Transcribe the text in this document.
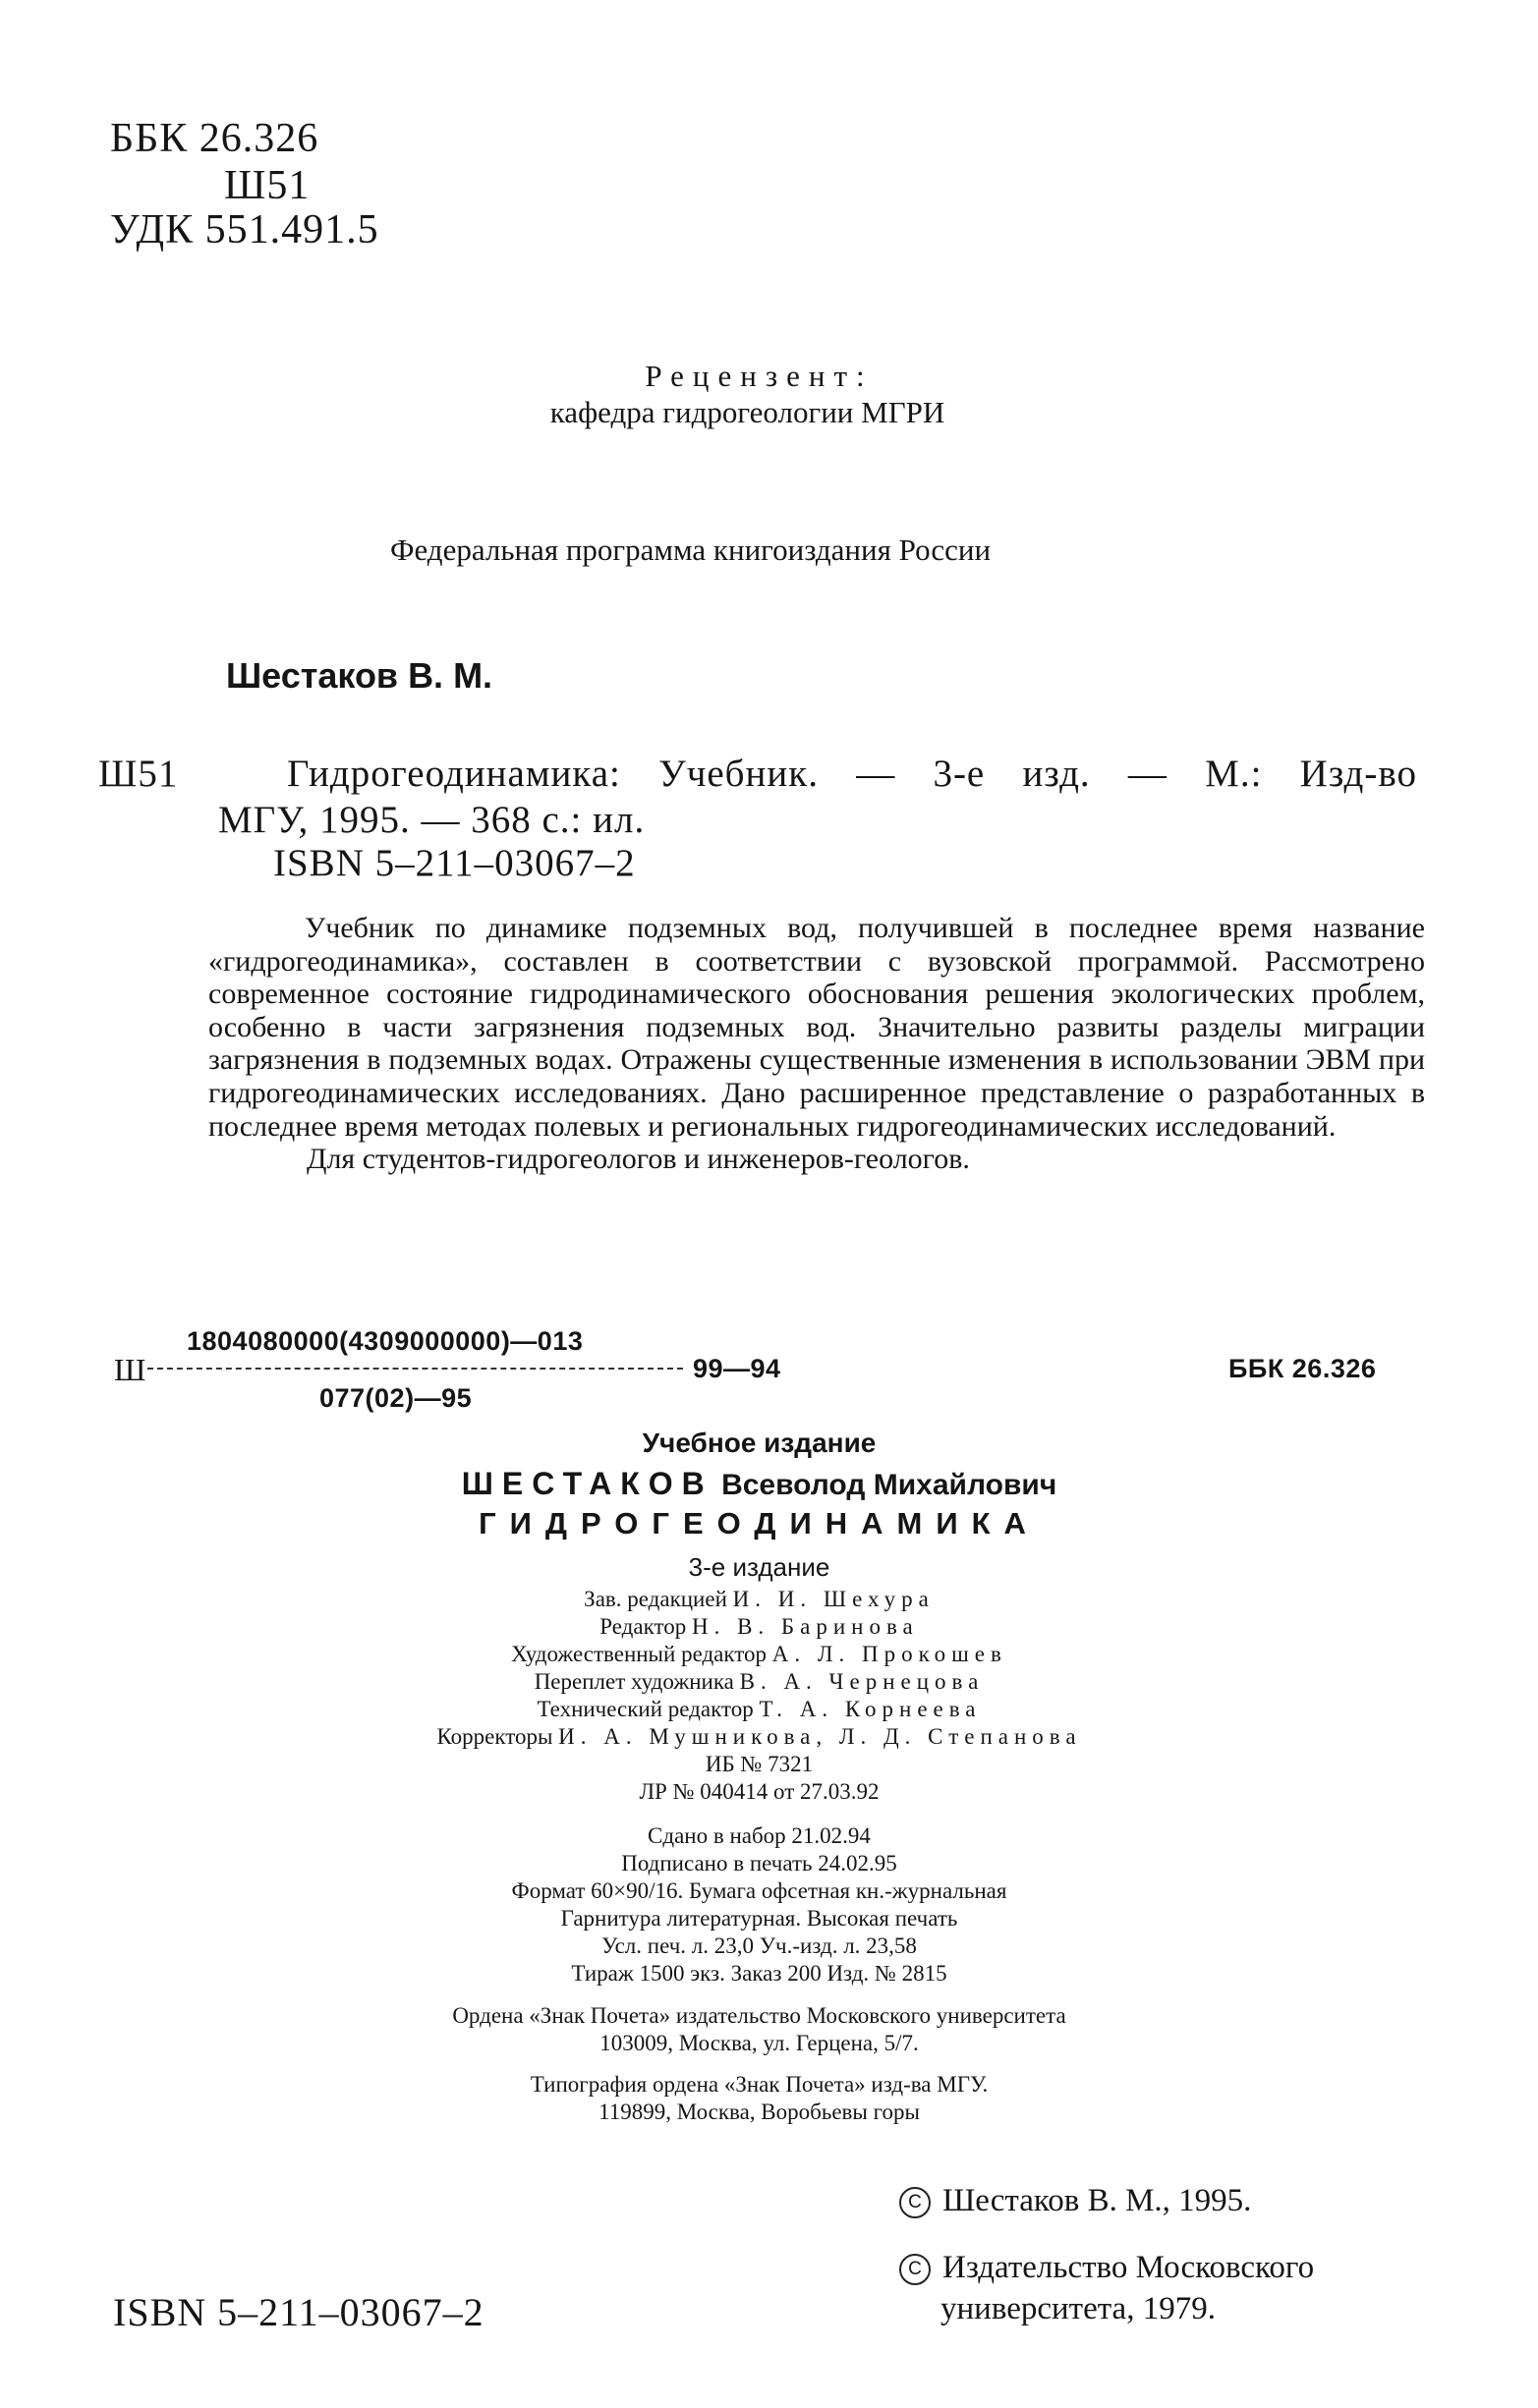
ББК 26.326
Ш51
УДК 551.491.5
Рецензент:
кафедра гидрогеологии МГРИ
Федеральная программа книгоиздания России
Шестаков В. М.
Ш51	Гидрогеодинамика: Учебник. — 3-е изд. — М.: Изд-во
МГУ, 1995. — 368 с.: ил.
ISBN 5–211–03067–2

Учебник по динамике подземных вод, получившей в последнее время название «гидрогеодинамика», составлен в соответствии с вузовской программой. Рассмотрено современное состояние гидродинамического обоснования решения экологических проблем, особенно в части загрязнения подземных вод. Значительно развиты разделы миграции загрязнения в подземных водах. Отражены существенные изменения в использовании ЭВМ при гидрогеодинамических исследованиях. Дано расширенное представление о разработанных в последнее время методах полевых и региональных гидрогеодинамических исследований.

Для студентов-гидрогеологов и инженеров-геологов.

1804080000(4309000000)—013
Ш	99—94	ББК 26.326
077(02)—95
Учебное издание
ШЕСТАКОВ Всеволод Михайлович
ГИДРОГЕОДИНАМИКА
3-е издание
Зав. редакцией И. И. Шехура
Редактор Н. В. Баринова
Художественный редактор А. Л. Прокошев
Переплет художника В. А. Чернецова
Технический редактор Т. А. Корнеева
Корректоры И. А. Мушникова, Л. Д. Степанова
ИБ № 7321
ЛР № 040414 от 27.03.92
Сдано в набор 21.02.94
Подписано в печать 24.02.95
Формат 60×90/16. Бумага офсетная кн.-журнальная
Гарнитура литературная. Высокая печать
Усл. печ. л. 23,0 Уч.-изд. л. 23,58
Тираж 1500 экз. Заказ 200 Изд. № 2815
Ордена «Знак Почета» издательство Московского университета
103009, Москва, ул. Герцена, 5/7.
Типография ордена «Знак Почета» изд-ва МГУ.
119899, Москва, Воробьевы горы
C Шестаков В. М., 1995.
C Издательство Московского
университета, 1979.
ISBN 5–211–03067–2
